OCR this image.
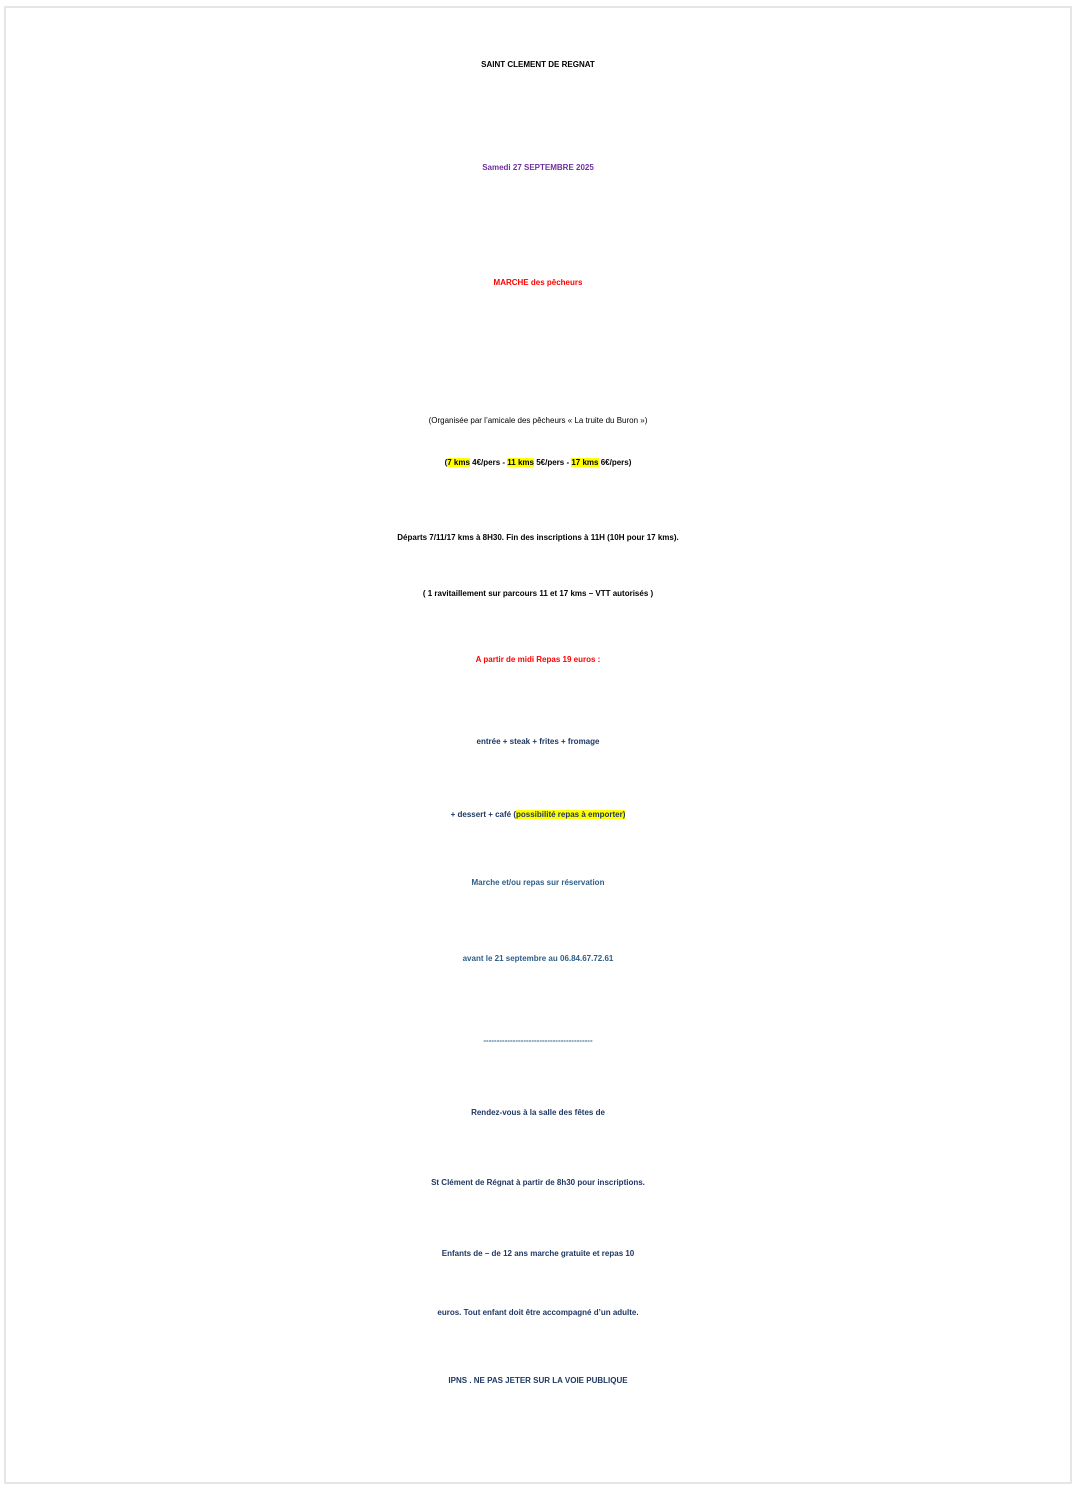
SAINT CLEMENT DE REGNAT
Samedi 27 SEPTEMBRE 2025
MARCHE des pêcheurs
(Organisée par l’amicale des pêcheurs « La truite du Buron »)
(7 kms 4€/pers - 11 kms 5€/pers - 17 kms 6€/pers)
Départs 7/11/17 kms à 8H30. Fin des inscriptions à 11H (10H pour 17 kms).
( 1 ravitaillement sur parcours 11 et 17 kms – VTT autorisés )
A partir de midi Repas 19 euros :
entrée + steak + frites + fromage
+ dessert + café (possibilité repas à emporter)
Marche et/ou repas sur réservation
avant le 21 septembre au 06.84.67.72.61
-----------------------------------------
Rendez-vous à la salle des fêtes de
St Clément de Régnat à partir de 8h30 pour inscriptions.
Enfants de – de 12 ans marche gratuite et repas 10
euros. Tout enfant doit être accompagné d’un adulte.
IPNS . NE PAS JETER SUR LA VOIE PUBLIQUE
